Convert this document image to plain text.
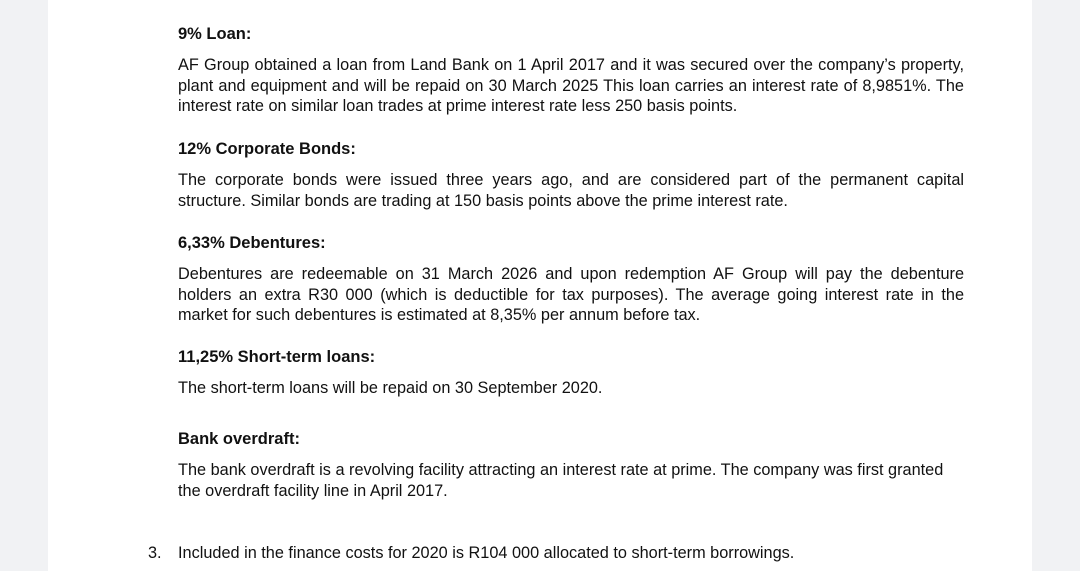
9% Loan:

AF Group obtained a loan from Land Bank on 1 April 2017 and it was secured over the company’s property, plant and equipment and will be repaid on 30 March 2025 This loan carries an interest rate of 8,9851%. The interest rate on similar loan trades at prime interest rate less 250 basis points.

12% Corporate Bonds:

The corporate bonds were issued three years ago, and are considered part of the permanent capital structure. Similar bonds are trading at 150 basis points above the prime interest rate.

6,33% Debentures:

Debentures are redeemable on 31 March 2026 and upon redemption AF Group will pay the debenture holders an extra R30 000 (which is deductible for tax purposes). The average going interest rate in the market for such debentures is estimated at 8,35% per annum before tax.

11,25% Short-term loans:

The short-term loans will be repaid on 30 September 2020.

Bank overdraft:

The bank overdraft is a revolving facility attracting an interest rate at prime. The company was first granted the overdraft facility line in April 2017.

3. Included in the finance costs for 2020 is R104 000 allocated to short-term borrowings.
